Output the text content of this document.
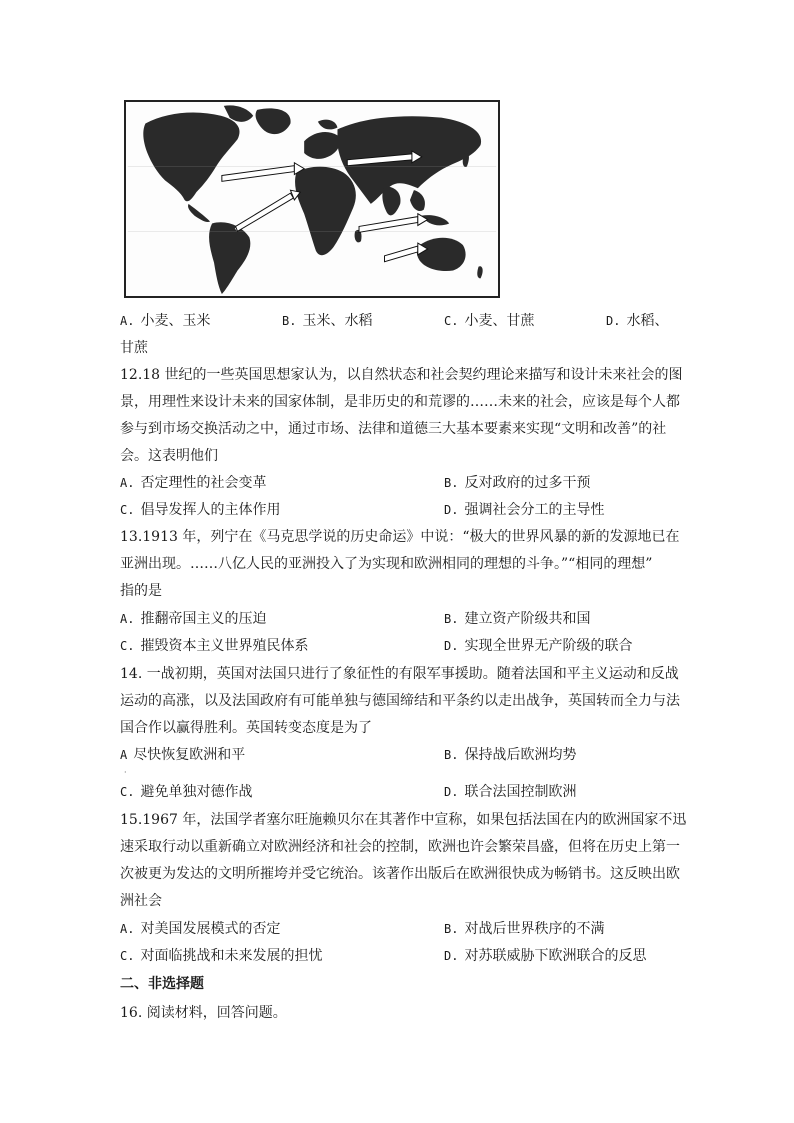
A. 小麦、玉米	B. 玉米、水稻	C. 小麦、甘蔗	D. 水稻、
甘蔗
12.18 世纪的一些英国思想家认为，以自然状态和社会契约理论来描写和设计未来社会的图
景，用理性来设计未来的国家体制，是非历史的和荒谬的……未来的社会，应该是每个人都
参与到市场交换活动之中，通过市场、法律和道德三大基本要素来实现“文明和改善”的社
会。这表明他们
A. 否定理性的社会变革	B. 反对政府的过多干预
C. 倡导发挥人的主体作用	D. 强调社会分工的主导性
13.1913 年，列宁在《马克思学说的历史命运》中说：“极大的世界风暴的新的发源地已在
亚洲出现。……八亿人民的亚洲投入了为实现和欧洲相同的理想的斗争。”“相同的理想”
指的是
A. 推翻帝国主义的压迫	B. 建立资产阶级共和国
C. 摧毁资本主义世界殖民体系	D. 实现全世界无产阶级的联合
14. 一战初期，英国对法国只进行了象征性的有限军事援助。随着法国和平主义运动和反战
运动的高涨，以及法国政府有可能单独与德国缔结和平条约以走出战争，英国转而全力与法
国合作以赢得胜利。英国转变态度是为了
A 尽快恢复欧洲和平	B. 保持战后欧洲均势
·
C. 避免单独对德作战	D. 联合法国控制欧洲
15.1967 年，法国学者塞尔旺施赖贝尔在其著作中宣称，如果包括法国在内的欧洲国家不迅
速采取行动以重新确立对欧洲经济和社会的控制，欧洲也许会繁荣昌盛，但将在历史上第一
次被更为发达的文明所摧垮并受它统治。该著作出版后在欧洲很快成为畅销书。这反映出欧
洲社会
A. 对美国发展模式的否定	B. 对战后世界秩序的不满
C. 对面临挑战和未来发展的担忧	D. 对苏联威胁下欧洲联合的反思
二、非选择题
16. 阅读材料，回答问题。
